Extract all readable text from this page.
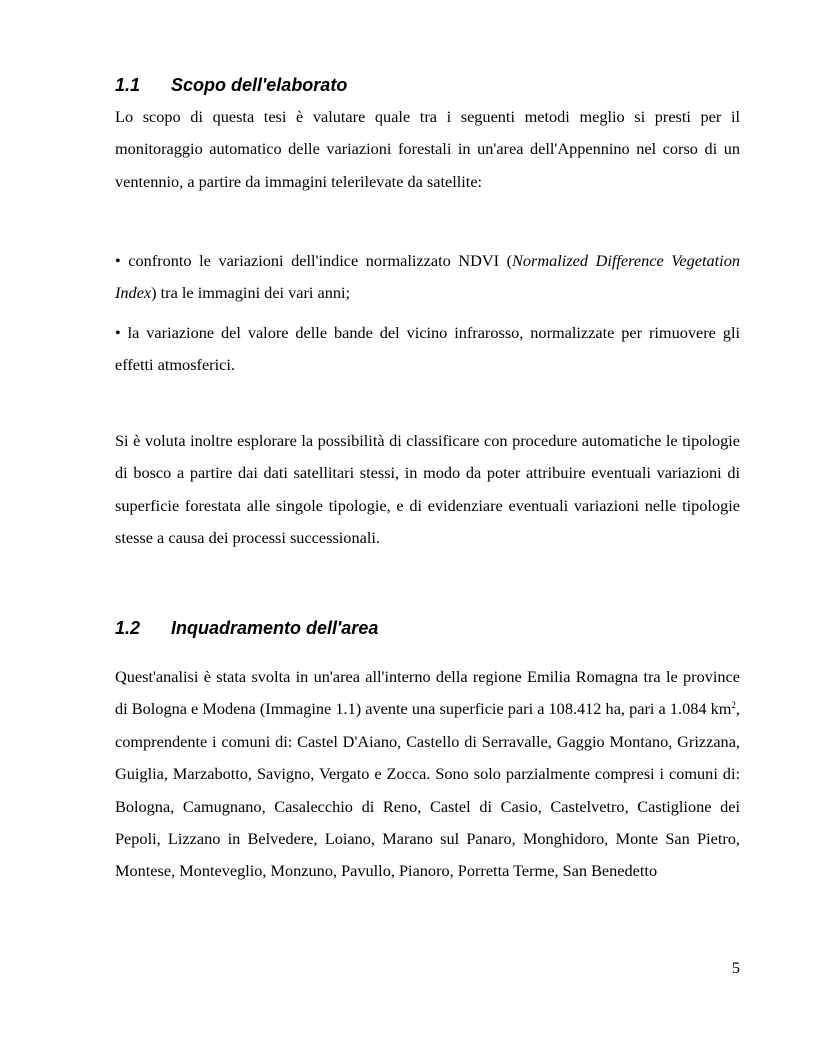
1.1 Scopo dell'elaborato

Lo scopo di questa tesi è valutare quale tra i seguenti metodi meglio si presti per il monitoraggio automatico delle variazioni forestali in un'area dell'Appennino nel corso di un ventennio, a partire da immagini telerilevate da satellite:

• confronto le variazioni dell'indice normalizzato NDVI (Normalized Difference Vegetation Index) tra le immagini dei vari anni;

• la variazione del valore delle bande del vicino infrarosso, normalizzate per rimuovere gli effetti atmosferici.

Si è voluta inoltre esplorare la possibilità di classificare con procedure automatiche le tipologie di bosco a partire dai dati satellitari stessi, in modo da poter attribuire eventuali variazioni di superficie forestata alle singole tipologie, e di evidenziare eventuali variazioni nelle tipologie stesse a causa dei processi successionali.

1.2 Inquadramento dell'area

Quest'analisi è stata svolta in un'area all'interno della regione Emilia Romagna tra le province di Bologna e Modena (Immagine 1.1) avente una superficie pari a 108.412 ha, pari a 1.084 $km^2$, comprendente i comuni di: Castel D'Aiano, Castello di Serravalle, Gaggio Montano, Grizzana, Guiglia, Marzabotto, Savigno, Vergato e Zocca. Sono solo parzialmente compresi i comuni di: Bologna, Camugnano, Casalecchio di Reno, Castel di Casio, Castelvetro, Castiglione dei Pepoli, Lizzano in Belvedere, Loiano, Marano sul Panaro, Monghidoro, Monte San Pietro, Montese, Monteveglio, Monzuno, Pavullo, Pianoro, Porretta Terme, San Benedetto

5
